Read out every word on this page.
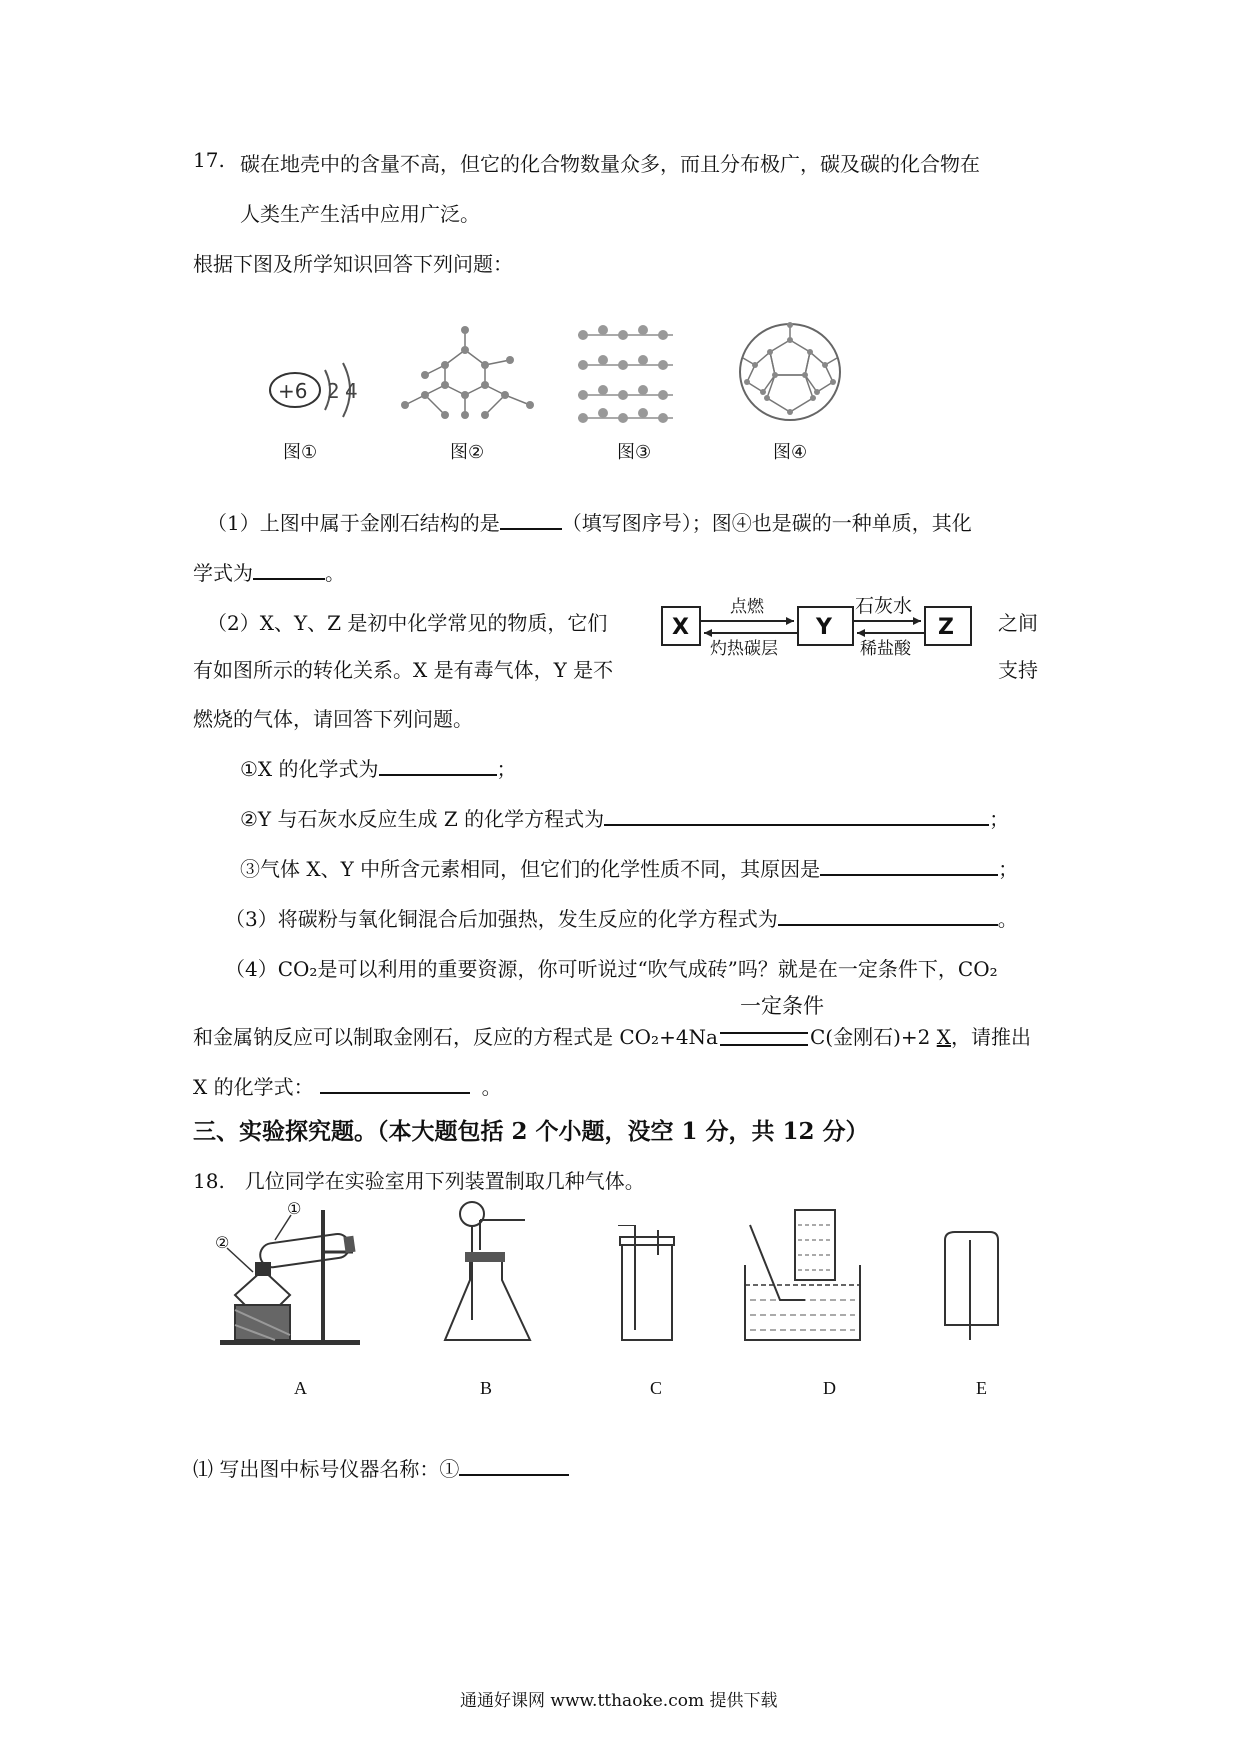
17. 碳在地壳中的含量不高，但它的化合物数量众多，而且分布极广，碳及碳的化合物在
人类生产生活中应用广泛。
根据下图及所学知识回答下列问题：
+6 2 4
图①	图②	图③	图④
（1）上图中属于金刚石结构的是	（填写图序号）；图④也是碳的一种单质，其化
学式为	。
（2）X、Y、Z 是初中化学常见的物质，它们	之间
有如图所示的转化关系。X 是有毒气体，Y 是不	支持
燃烧的气体，请回答下列问题。
X	Y	Z
点燃
灼热碳层
石灰水
稀盐酸
①X 的化学式为	；
②Y 与石灰水反应生成 Z 的化学方程式为	；
③气体 X、Y 中所含元素相同，但它们的化学性质不同，其原因是	；
（3）将碳粉与氧化铜混合后加强热，发生反应的化学方程式为	。
（4）CO₂是可以利用的重要资源，你可听说过“吹气成砖”吗？就是在一定条件下，CO₂
一定条件
和金属钠反应可以制取金刚石，反应的方程式是 CO₂+4Na	C(金刚石)+2 X，请推出
X 的化学式：	。
三、实验探究题。（本大题包括 2 个小题，没空 1 分，共 12 分）
18.　几位同学在实验室用下列装置制取几种气体。
①
②
A	B	C	D	E
⑴ 写出图中标号仪器名称：①
通通好课网 www.tthaoke.com 提供下载
